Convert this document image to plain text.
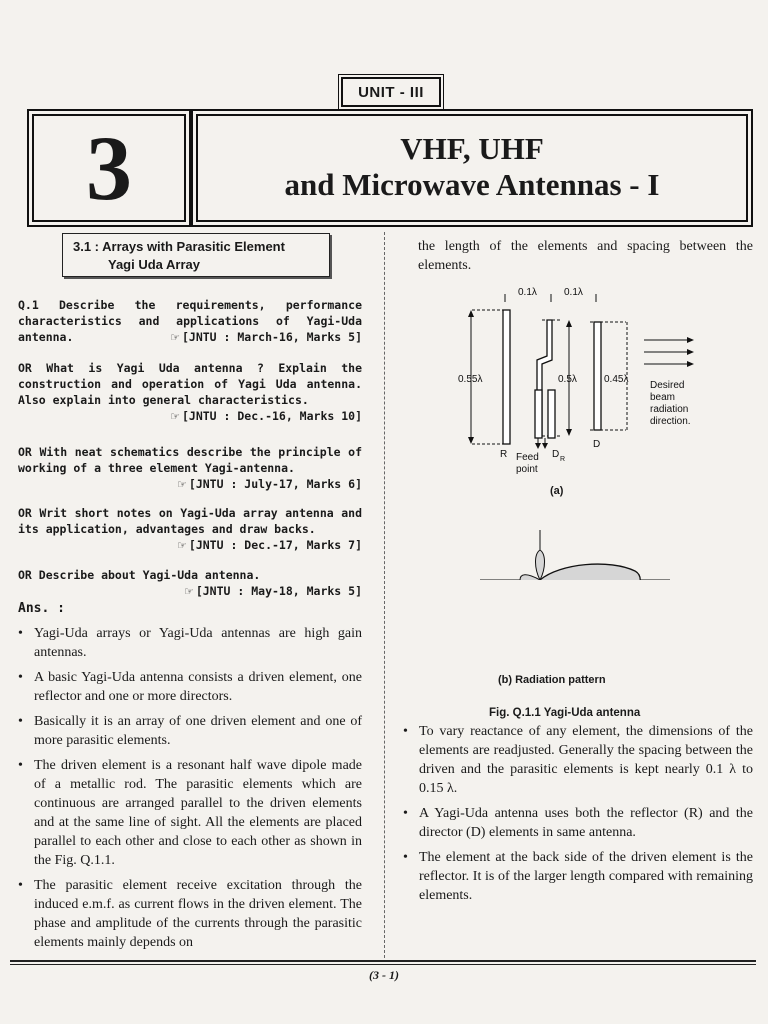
UNIT - III
3	VHF, UHF
and Microwave Antennas - I
3.1 : Arrays with Parasitic Element
Yagi Uda Array
Q.1 Describe the requirements, performance characteristics and applications of Yagi-Uda antenna.	☞ [JNTU : March-16, Marks 5]
OR What is Yagi Uda antenna ? Explain the construction and operation of Yagi Uda antenna. Also explain into general characteristics.
☞ [JNTU : Dec.-16, Marks 10]
OR With neat schematics describe the principle of working of a three element Yagi-antenna.
☞ [JNTU : July-17, Marks 6]
OR Writ short notes on Yagi-Uda array antenna and its application, advantages and draw backs.
☞ [JNTU : Dec.-17, Marks 7]
OR Describe about Yagi-Uda antenna.
☞ [JNTU : May-18, Marks 5]
Ans. :

• Yagi-Uda arrays or Yagi-Uda antennas are high gain antennas.

• A basic Yagi-Uda antenna consists a driven element, one reflector and one or more directors.

• Basically it is an array of one driven element and one of more parasitic elements.

• The driven element is a resonant half wave dipole made of a metallic rod. The parasitic elements which are continuous are arranged parallel to the driven elements and at the same line of sight. All the elements are placed parallel to each other and close to each other as shown in the Fig. Q.1.1.

• The parasitic element receive excitation through the induced e.m.f. as current flows in the driven element. The phase and amplitude of the currents through the parasitic elements mainly depends on

the length of the elements and spacing between the elements.
0.1λ	0.1λ
0.55λ	0.5λ	0.45λ
R Feed
point
D R
D
Desired
beam
radiation
direction.
(a)
(b) Radiation pattern
Fig. Q.1.1 Yagi-Uda antenna

• To vary reactance of any element, the dimensions of the elements are readjusted. Generally the spacing between the driven and the parasitic elements is kept nearly 0.1 λ to 0.15 λ.

• A Yagi-Uda antenna uses both the reflector (R) and the director (D) elements in same antenna.

• The element at the back side of the driven element is the reflector. It is of the larger length compared with remaining elements.

(3 - 1)
